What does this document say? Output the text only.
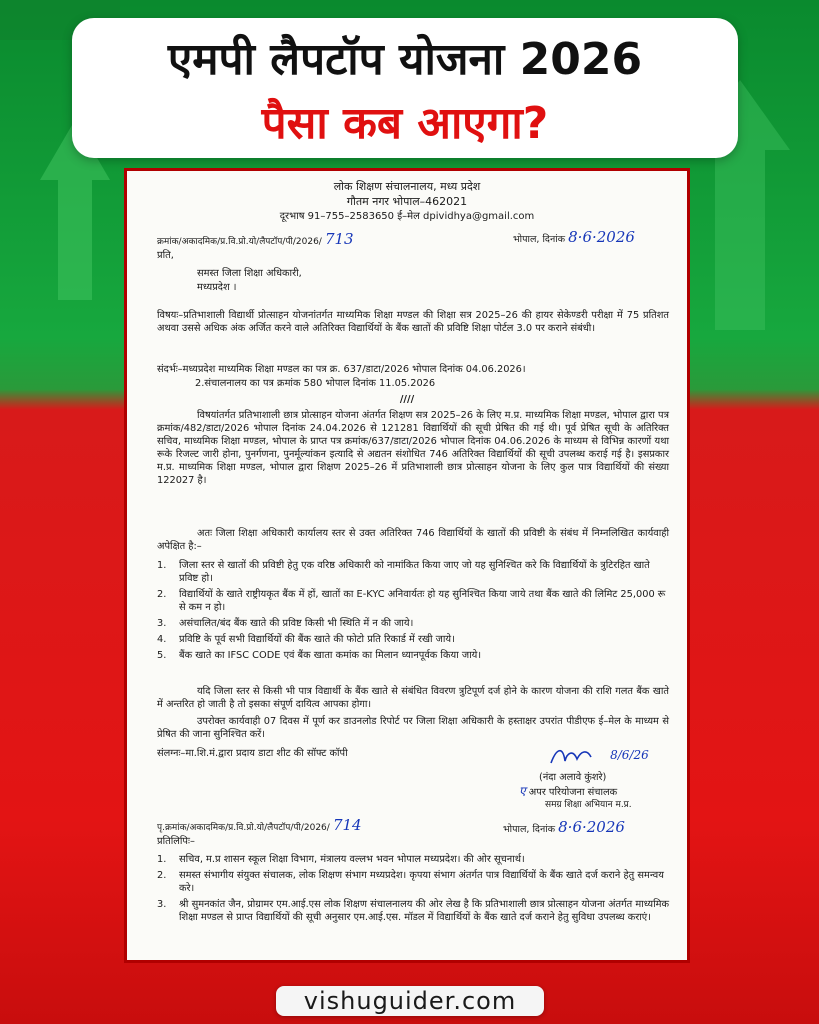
एमपी लैपटॉप योजना 2026
पैसा कब आएगा?
लोक शिक्षण संचालनालय, मध्य प्रदेश
गौतम नगर भोपाल–462021
दूरभाष 91–755–2583650 ई–मेल dpividhya@gmail.com
क्रमांक/अकादमिक/प्र.वि.प्रो.यो/लैपटॉप/पी/2026/ 713	भोपाल, दिनांक 8·6·2026
प्रति,
समस्त जिला शिक्षा अधिकारी,
मध्यप्रदेश ।
विषयः–प्रतिभाशाली विद्यार्थी प्रोत्साहन योजनांतर्गत माध्यमिक शिक्षा मण्डल की शिक्षा सत्र 2025–26 की हायर सेकेण्डरी परीक्षा में 75 प्रतिशत अथवा उससे अधिक अंक अर्जित करने वाले अतिरिक्त विद्यार्थियों के बैंक खातों की प्रविष्टि शिक्षा पोर्टल 3.0 पर कराने संबंधी।
संदर्भः–मध्यप्रदेश माध्यमिक शिक्षा मण्डल का पत्र क्र. 637/डाटा/2026 भोपाल दिनांक 04.06.2026।
2.संचालनालय का पत्र क्रमांक 580 भोपाल दिनांक 11.05.2026
////
विषयांतर्गत प्रतिभाशाली छात्र प्रोत्साहन योजना अंतर्गत शिक्षण सत्र 2025–26 के लिए म.प्र. माध्यमिक शिक्षा मण्डल, भोपाल द्वारा पत्र क्रमांक/482/डाटा/2026 भोपाल दिनांक 24.04.2026 से 121281 विद्यार्थियों की सूची प्रेषित की गई थी। पूर्व प्रेषित सूची के अतिरिक्त सचिव, माध्यमिक शिक्षा मण्डल, भोपाल के प्राप्त पत्र क्रमांक/637/डाटा/2026 भोपाल दिनांक 04.06.2026 के माध्यम से विभिन्न कारणों यथा रूके रिजल्ट जारी होना, पुनर्गणना, पुनर्मूल्यांकन इत्यादि से अद्यतन संशोधित 746 अतिरिक्त विद्यार्थियों की सूची उपलब्ध कराई गई है। इसप्रकार म.प्र. माध्यमिक शिक्षा मण्डल, भोपाल द्वारा शिक्षण 2025–26 में प्रतिभाशाली छात्र प्रोत्साहन योजना के लिए कुल पात्र विद्यार्थियों की संख्या 122027 है।
अतः जिला शिक्षा अधिकारी कार्यालय स्तर से उक्त अतिरिक्त 746 विद्यार्थियों के खातों की प्रविष्टी के संबंध में निम्नलिखित कार्यवाही अपेक्षित है:–
1.	जिला स्तर से खातों की प्रविष्टी हेतु एक वरिष्ठ अधिकारी को नामांकित किया जाए जो यह सुनिश्चित करे कि विद्यार्थियों के त्रुटिरहित खाते प्रविष्ट हो।
2.	विद्यार्थियों के खाते राष्ट्रीयकृत बैंक में हों, खातों का E-KYC अनिवार्यतः हो यह सुनिश्चित किया जाये तथा बैंक खाते की लिमिट 25,000 रू से कम न हो।
3.	असंचालित/बंद बैंक खाते की प्रविष्ट किसी भी स्थिति में न की जाये।
4.	प्रविष्टि के पूर्व सभी विद्यार्थियों की बैंक खाते की फोटो प्रति रिकार्ड में रखी जाये।
5.	बैंक खाते का IFSC CODE एवं बैंक खाता कमांक का मिलान ध्यानपूर्वक किया जाये।
यदि जिला स्तर से किसी भी पात्र विद्यार्थी के बैंक खाते से संबंधित विवरण त्रुटिपूर्ण दर्ज होने के कारण योजना की राशि गलत बैंक खाते में अन्तरित हो जाती है तो इसका संपूर्ण दायित्व आपका होगा।
उपरोक्त कार्यवाही 07 दिवस में पूर्ण कर डाउनलोड रिपोर्ट पर जिला शिक्षा अधिकारी के हस्ताक्षर उपरांत पीडीएफ ई–मेल के माध्यम से प्रेषित की जाना सुनिश्चित करें।
संलग्नः–मा.शि.मं.द्वारा प्रदाय डाटा शीट की सॉफ्ट कॉपी	8/6/26
(नंदा अलावे कुंशरे)
ए अपर परियोजना संचालक
समग्र शिक्षा अभियान म.प्र.
पृ.क्रमांक/अकादमिक/प्र.वि.प्रो.यो/लैपटॉप/पी/2026/ 714	भोपाल, दिनांक 8·6·2026
प्रतिलिपिः–
1.	सचिव, म.प्र शासन स्कूल शिक्षा विभाग, मंत्रालय वल्लभ भवन भोपाल मध्यप्रदेश। की ओर सूचनार्थ।
2.	समस्त संभागीय संयुक्त संचालक, लोक शिक्षण संभाग मध्यप्रदेश। कृपया संभाग अंतर्गत पात्र विद्यार्थियों के बैंक खाते दर्ज कराने हेतु समन्वय करे।
3.	श्री सुमनकांत जैन, प्रोग्रामर एम.आई.एस लोक शिक्षण संचालनालय की ओर लेख है कि प्रतिभाशाली छात्र प्रोत्साहन योजना अंतर्गत माध्यमिक शिक्षा मण्डल से प्राप्त विद्यार्थियों की सूची अनुसार एम.आई.एस. मॉडल में विद्यार्थियों के बैंक खाते दर्ज कराने हेतु सुविधा उपलब्ध कराएं।
vishuguider.com
